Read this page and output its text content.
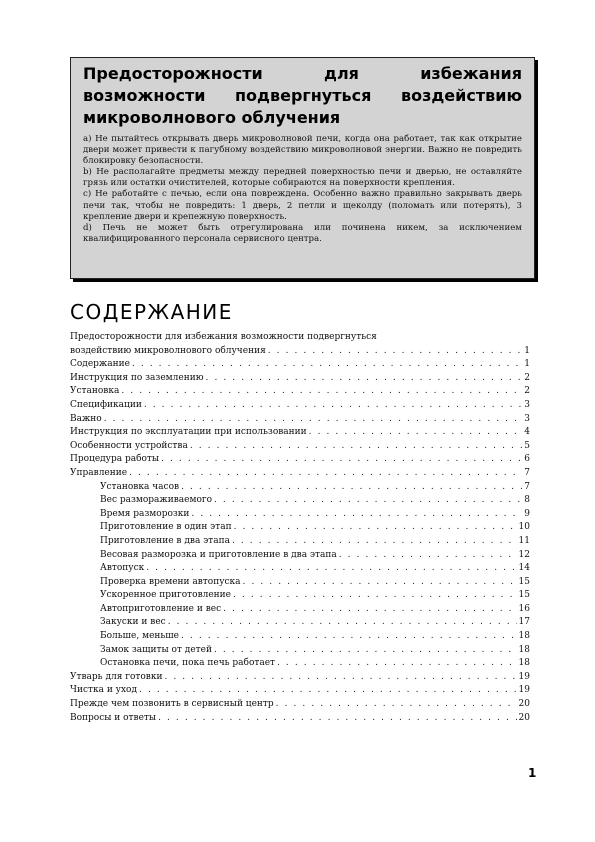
Предосторожности для избежания возможности подвергнуться воздействию микроволнового облучения

a) Не пытайтесь открывать дверь микроволновой печи, когда она работает, так как открытие двери может привести к пагубному воздействию микроволновой энергии. Важно не повредить блокировку безопасности.

b) Не располагайте предметы между передней поверхностью печи и дверью, не оставляйте грязь или остатки очистителей, которые собираются на поверхности крепления.

c) Не работайте с печью, если она повреждена. Особенно важно правильно закрывать дверь печи так, чтобы не повредить: 1 дверь, 2 петли и щеколду (поломать или потерять), 3 крепление двери и крепежную поверхность.

d) Печь не может быть отрегулирована или починена никем, за исключением квалифицированного персонала сервисного центра.

СОДЕРЖАНИЕ
Предосторожности для избежания возможности подвергнуться
воздействию микроволнового облучения . . .	1
Содержание . . .	1
Инструкция по заземлению . . .	2
Установка . . .	2
Спецификации . . .	3
Важно . . .	3
Инструкция по эксплуатации при использовании . . .	4
Особенности устройства . . .	5
Процедура работы . . .	6
Управление . . .	7
Установка часов . . .	7
Вес размораживаемого . . .	8
Время разморозки . . .	9
Приготовление в один этап . . .	10
Приготовление в два этапа . . .	11
Весовая разморозка и приготовление в два этапа . . .	12
Автопуск . . .	14
Проверка времени автопуска . . .	15
Ускоренное приготовление . . .	15
Автоприготовление и вес . . .	16
Закуски и вес . . .	17
Больше, меньше . . .	18
Замок защиты от детей . . .	18
Остановка печи, пока печь работает . . .	18
Утварь для готовки . . .	19
Чистка и уход . . .	19
Прежде чем позвонить в сервисный центр . . .	20
Вопросы и ответы . . .	20
1
